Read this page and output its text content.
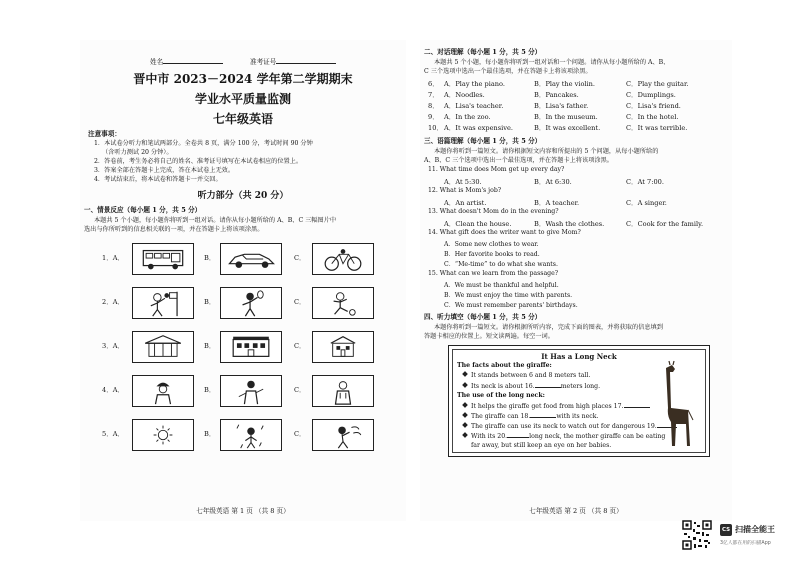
姓名	准考证号
晋中市 2023－2024 学年第二学期期末
学业水平质量监测
七年级英语
注意事项：
1．本试卷分听力和笔试两部分。全卷共 8 页，满分 100 分，考试时间 90 分钟
（含听力测试 20 分钟）。
2．答卷前，考生务必将自己的姓名、准考证号填写在本试卷相应的位置上。
3．答案全部在答题卡上完成，答在本试卷上无效。
4．考试结束后，将本试卷和答题卡一并交回。
听力部分（共 20 分）
一、情景反应（每小题 1 分，共 5 分）
本题共 5 个小题，每小题你将听到一组对话。请你从每小题所给的 A、B、C 三幅图片中
选出与你所听到的信息相关联的一项，并在答题卡上将该项涂黑。
1．A．	B．	C．
2．A．	B．	C．
3．A．	B．	C．
4．A．	B．	C．
5．A．	B．	C．
七年级英语 第 1 页 （共 8 页）
二、对话理解（每小题 1 分，共 5 分）
本题共 5 个小题，每小题你将听到一组对话和一个问题。请你从每小题所给的 A、B、
C 三个选项中选出一个最佳选项，并在答题卡上将该项涂黑。
6． A．Play the piano.	B．Play the violin.	C．Play the guitar.
7． A．Noodles.	B．Pancakes.	C．Dumplings.
8． A．Lisa's teacher.	B．Lisa's father.	C．Lisa's friend.
9． A．In the zoo.	B．In the museum.	C．In the hotel.
10． A．It was expensive.	B．It was excellent.	C．It was terrible.
三、语篇理解（每小题 1 分，共 5 分）
本题你将听到一篇短文。请你根据短文内容和所提出的 5 个问题，从每小题所给的
A、B、C 三个选项中选出一个最佳选项，并在答题卡上将该项涂黑。
11. What time does Mom get up every day?
A．At 5:30.	B．At 6:30.	C．At 7:00.
12. What is Mom's job?
A．An artist.	B．A teacher.	C．A singer.
13. What doesn't Mom do in the evening?
A．Clean the house.	B．Wash the clothes.	C．Cook for the family.
14. What gift does the writer want to give Mom?
A．Some new clothes to wear.
B．Her favorite books to read.
C．“Me-time” to do what she wants.
15. What can we learn from the passage?
A．We must be thankful and helpful.
B．We must enjoy the time with parents.
C．We must remember parents' birthdays.
四、听力填空（每小题 1 分，共 5 分）
本题你将听到一篇短文。请你根据所听内容，完成下面的图表，并将获取的信息填到
答题卡相应的位置上。短文读两遍。每空一词。
It Has a Long Neck
The facts about the giraffe:
It stands between 6 and 8 meters tall.
Its neck is about 16.	meters long.
The use of the long neck:
It helps the giraffe get food from high places 17.
The giraffe can 18.	with its neck.
The giraffe can use its neck to watch out for dangerous 19.
With its 20.	long neck, the mother giraffe can be eating
far away, but still keep an eye on her babies.
七年级英语 第 2 页 （共 8 页）
CS 扫描全能王
3亿人都在用的扫描App
